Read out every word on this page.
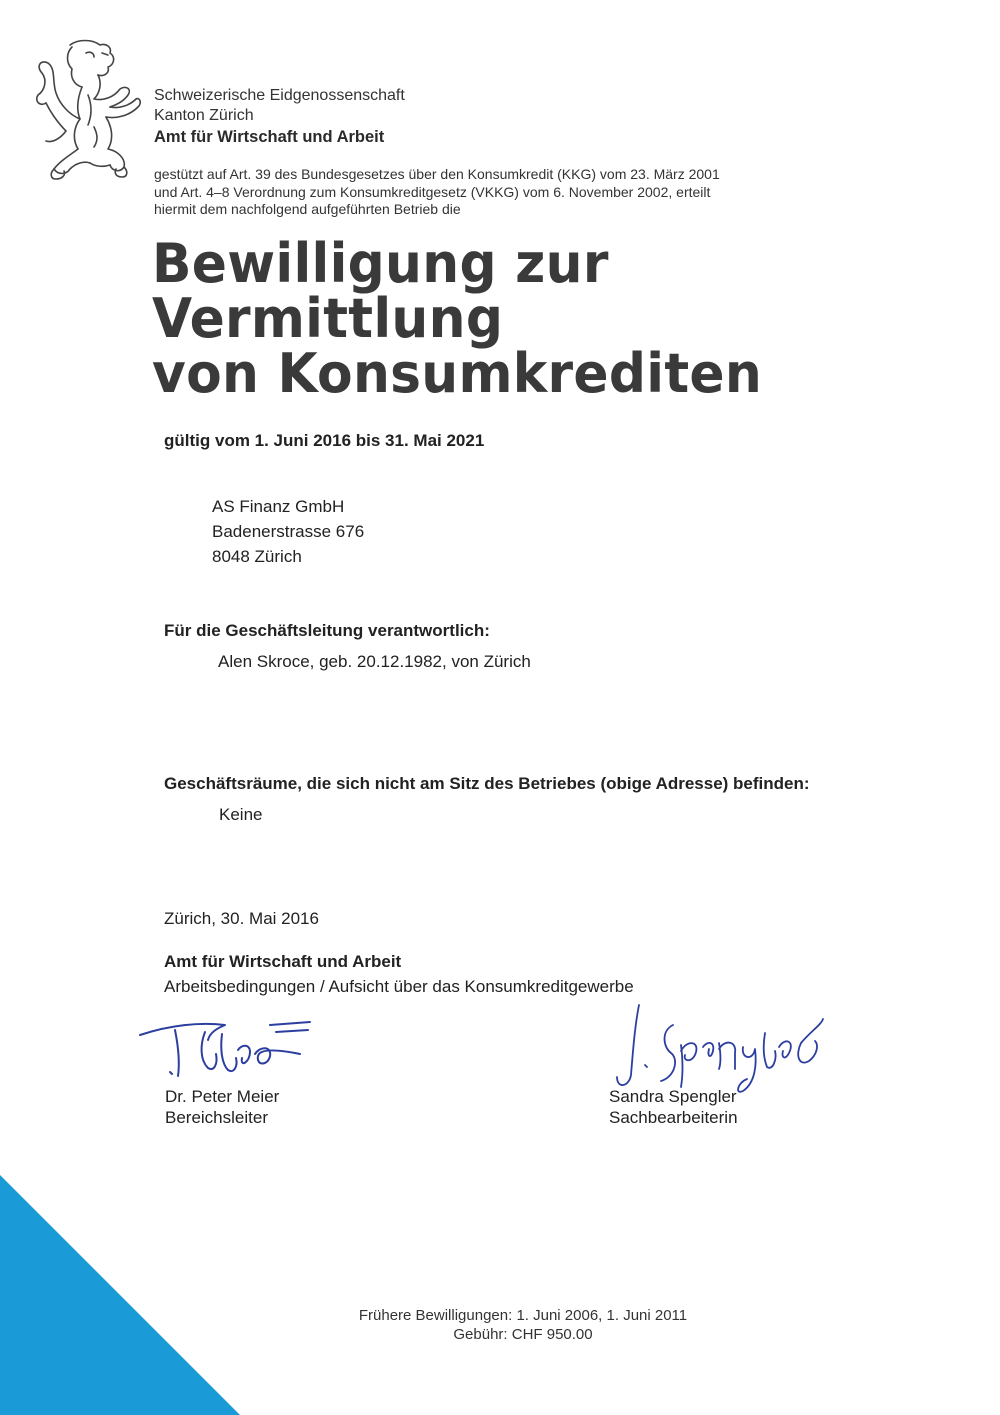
Schweizerische Eidgenossenschaft
Kanton Zürich
Amt für Wirtschaft und Arbeit
gestützt auf Art. 39 des Bundesgesetzes über den Konsumkredit (KKG) vom 23. März 2001
und Art. 4–8 Verordnung zum Konsumkreditgesetz (VKKG) vom 6. November 2002, erteilt
hiermit dem nachfolgend aufgeführten Betrieb die
Bewilligung zur
Vermittlung
von Konsumkrediten
gültig vom 1. Juni 2016 bis 31. Mai 2021
AS Finanz GmbH
Badenerstrasse 676
8048 Zürich
Für die Geschäftsleitung verantwortlich:
Alen Skroce, geb. 20.12.1982, von Zürich
Geschäftsräume, die sich nicht am Sitz des Betriebes (obige Adresse) befinden:
Keine
Zürich, 30. Mai 2016
Amt für Wirtschaft und Arbeit
Arbeitsbedingungen / Aufsicht über das Konsumkreditgewerbe
Dr. Peter Meier
Bereichsleiter
Sandra Spengler
Sachbearbeiterin
Frühere Bewilligungen: 1. Juni 2006, 1. Juni 2011
Gebühr: CHF 950.00
